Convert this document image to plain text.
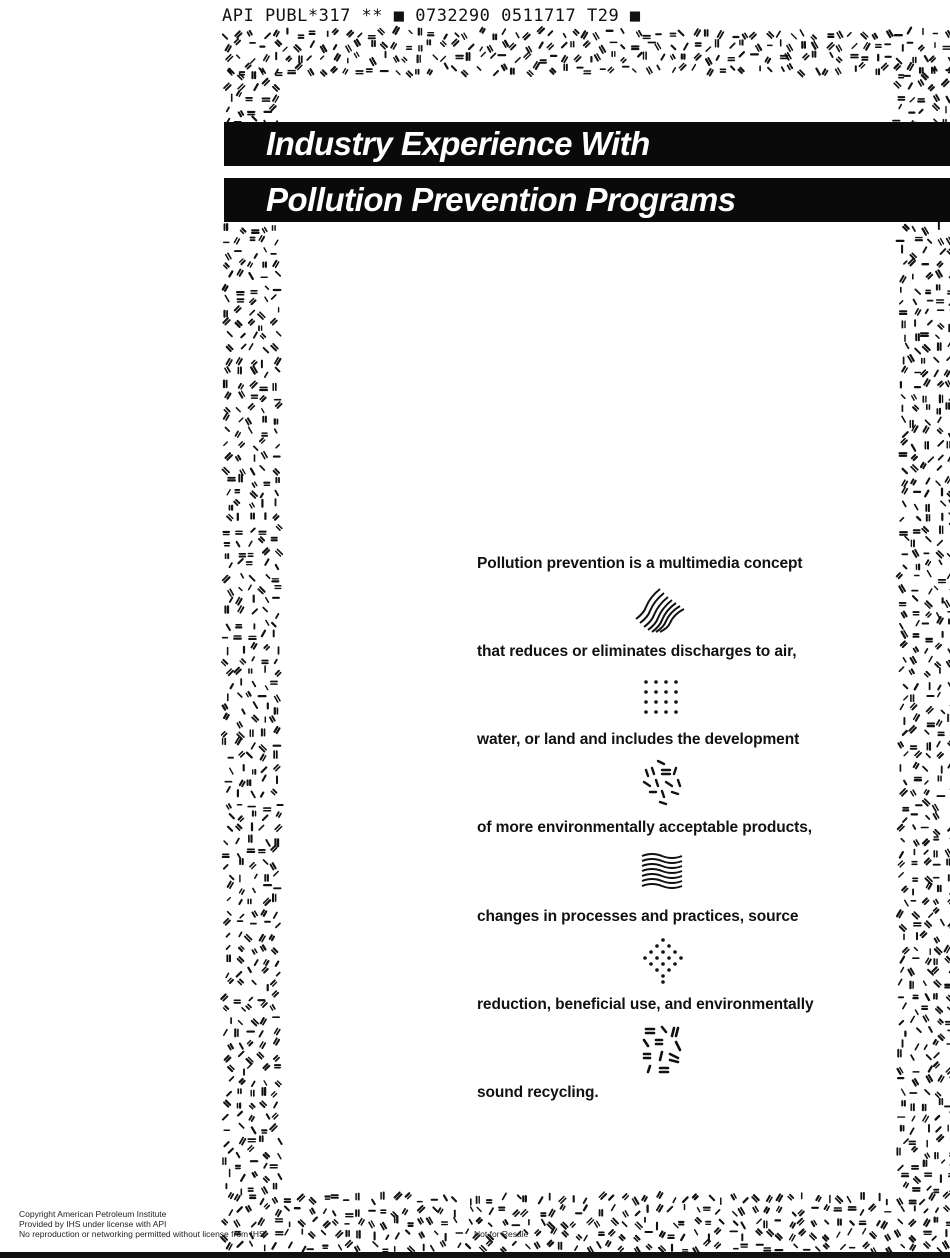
API PUBL*317 ** ■ 0732290 0511717 T29 ■
Industry Experience With
Pollution Prevention Programs
Pollution prevention is a multimedia concept
that reduces or eliminates discharges to air,
water, or land and includes the development
of more environmentally acceptable products,
changes in processes and practices, source
reduction, beneficial use, and environmentally
sound recycling.
Copyright American Petroleum Institute
Provided by IHS under license with API
No reproduction or networking permitted without license from IHS	Not for Resale
